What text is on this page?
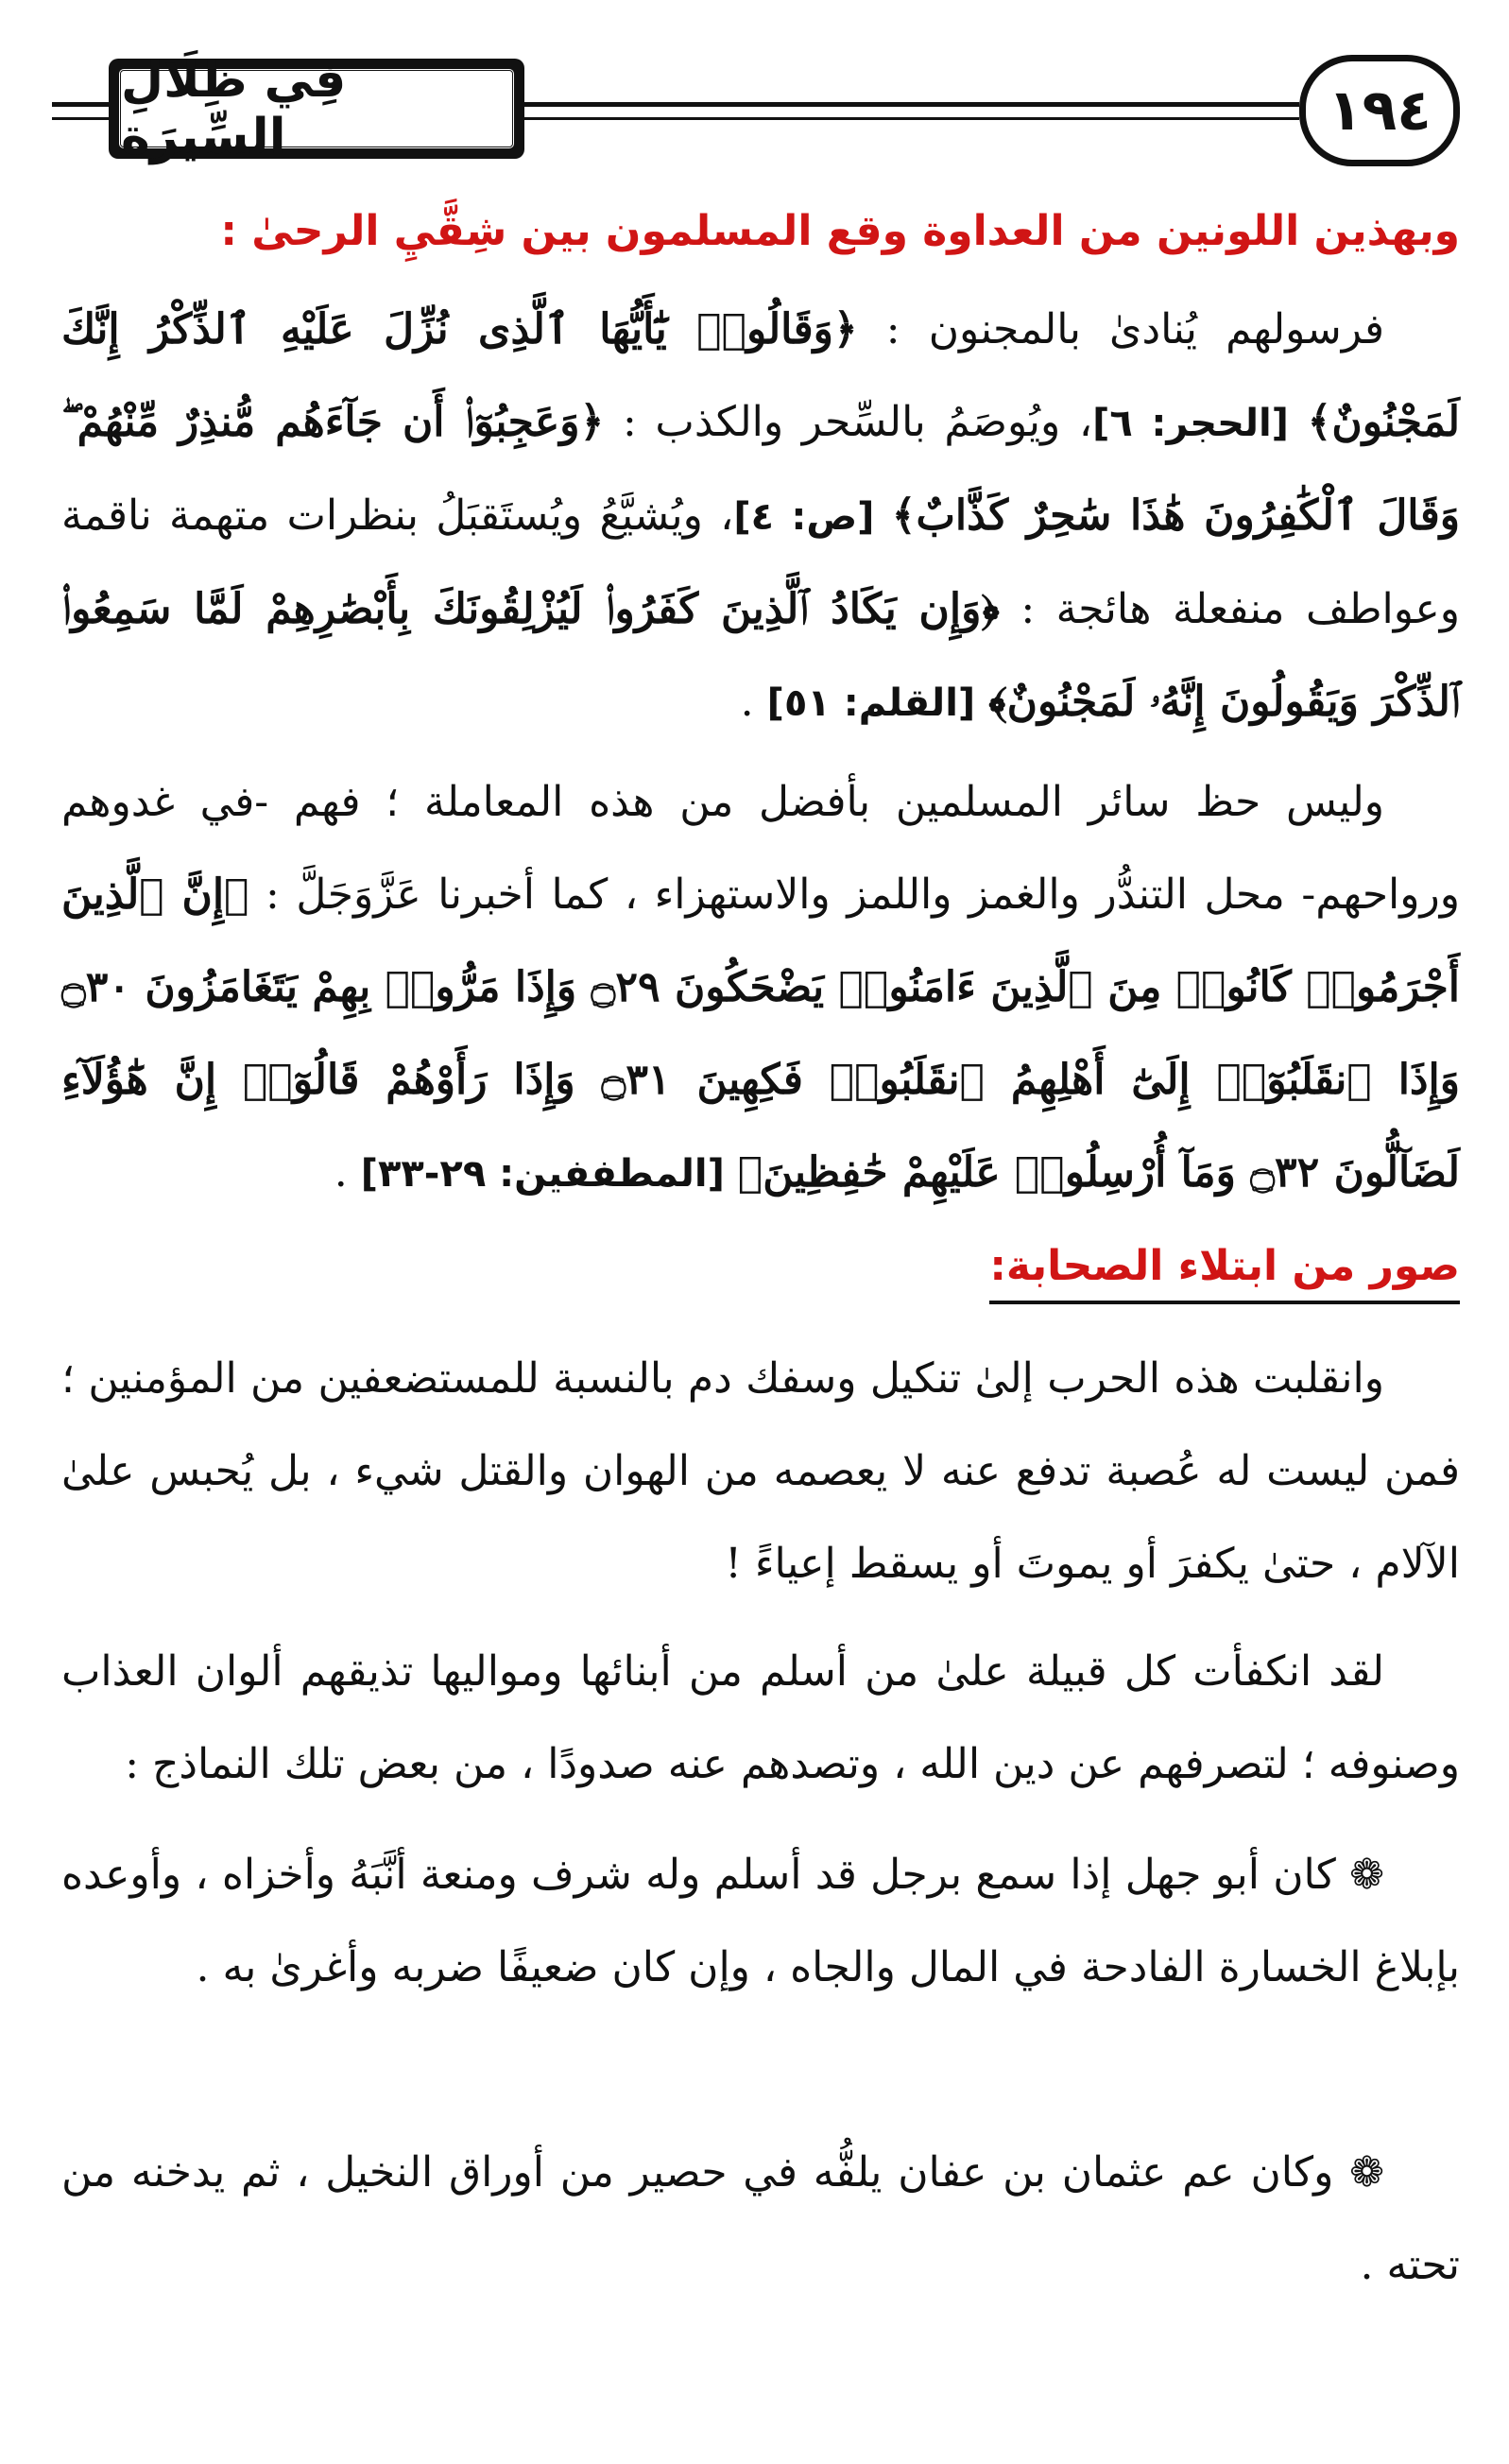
فِي ظِلَالِ السِّيرَة	١٩٤

وبهذين اللونين من العداوة وقع المسلمون بين شِقَّيِ الرحىٰ :

فرسولهم يُنادىٰ بالمجنون : ﴿وَقَالُوا۟ يَٰٓأَيُّهَا ٱلَّذِى نُزِّلَ عَلَيْهِ ٱلذِّكْرُ إِنَّكَ لَمَجْنُونٌ﴾ [الحجر: ٦]، ويُوصَمُ بالسِّحر والكذب : ﴿وَعَجِبُوٓا۟ أَن جَآءَهُم مُّنذِرٌ مِّنْهُمْ ۖ وَقَالَ ٱلْكَٰفِرُونَ هَٰذَا سَٰحِرٌ كَذَّابٌ﴾ [ص: ٤]، ويُشيَّعُ ويُستَقبَلُ بنظرات متهمة ناقمة وعواطف منفعلة هائجة : ﴿وَإِن يَكَادُ ٱلَّذِينَ كَفَرُوا۟ لَيُزْلِقُونَكَ بِأَبْصَٰرِهِمْ لَمَّا سَمِعُوا۟ ٱلذِّكْرَ وَيَقُولُونَ إِنَّهُۥ لَمَجْنُونٌ﴾ [القلم: ٥١] .

وليس حظ سائر المسلمين بأفضل من هذه المعاملة ؛ فهم -في غدوهم ورواحهم- محل التندُّر والغمز واللمز والاستهزاء ، كما أخبرنا عَزَّوَجَلَّ : ﴿إِنَّ ٱلَّذِينَ أَجْرَمُوا۟ كَانُوا۟ مِنَ ٱلَّذِينَ ءَامَنُوا۟ يَضْحَكُونَ ۝٢٩ وَإِذَا مَرُّوا۟ بِهِمْ يَتَغَامَزُونَ ۝٣٠ وَإِذَا ٱنقَلَبُوٓا۟ إِلَىٰٓ أَهْلِهِمُ ٱنقَلَبُوا۟ فَكِهِينَ ۝٣١ وَإِذَا رَأَوْهُمْ قَالُوٓا۟ إِنَّ هَٰٓؤُلَآءِ لَضَآلُّونَ ۝٣٢ وَمَآ أُرْسِلُوا۟ عَلَيْهِمْ حَٰفِظِينَ﴾ [المطففين: ٢٩-٣٣] .

صور من ابتلاء الصحابة:

وانقلبت هذه الحرب إلىٰ تنكيل وسفك دم بالنسبة للمستضعفين من المؤمنين ؛ فمن ليست له عُصبة تدفع عنه لا يعصمه من الهوان والقتل شيء ، بل يُحبس علىٰ الآلام ، حتىٰ يكفرَ أو يموتَ أو يسقط إعياءً !

لقد انكفأت كل قبيلة علىٰ من أسلم من أبنائها ومواليها تذيقهم ألوان العذاب وصنوفه ؛ لتصرفهم عن دين الله ، وتصدهم عنه صدودًا ، من بعض تلك النماذج :

❁ كان أبو جهل إذا سمع برجل قد أسلم وله شرف ومنعة أنَّبَهُ وأخزاه ، وأوعده بإبلاغ الخسارة الفادحة في المال والجاه ، وإن كان ضعيفًا ضربه وأغرىٰ به .

❁ وكان عم عثمان بن عفان يلفُّه في حصير من أوراق النخيل ، ثم يدخنه من تحته .
